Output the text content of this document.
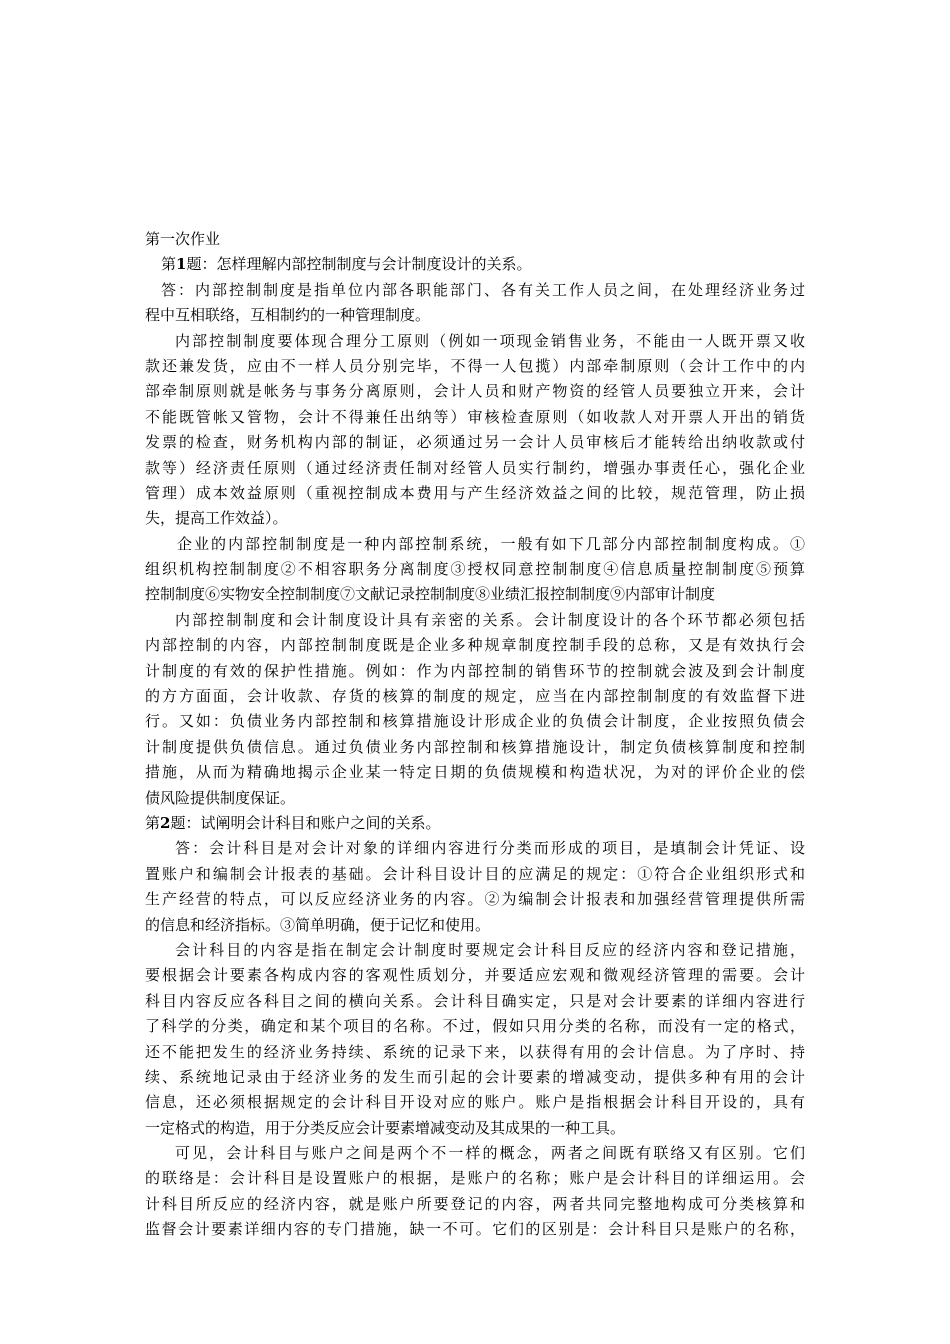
第一次作业
第1题：怎样理解内部控制制度与会计制度设计的关系。
答：内部控制制度是指单位内部各职能部门、各有关工作人员之间，在处理经济业务过
程中互相联络，互相制约的一种管理制度。
内部控制制度要体现合理分工原则（例如一项现金销售业务，不能由一人既开票又收
款还兼发货，应由不一样人员分别完毕，不得一人包揽）内部牵制原则（会计工作中的内
部牵制原则就是帐务与事务分离原则，会计人员和财产物资的经管人员要独立开来，会计
不能既管帐又管物，会计不得兼任出纳等）审核检查原则（如收款人对开票人开出的销货
发票的检查，财务机构内部的制证，必须通过另一会计人员审核后才能转给出纳收款或付
款等）经济责任原则（通过经济责任制对经管人员实行制约，增强办事责任心，强化企业
管理）成本效益原则（重视控制成本费用与产生经济效益之间的比较，规范管理，防止损
失，提高工作效益）。
企业的内部控制制度是一种内部控制系统，一般有如下几部分内部控制制度构成。①
组织机构控制制度②不相容职务分离制度③授权同意控制制度④信息质量控制制度⑤预算
控制制度⑥实物安全控制制度⑦文献记录控制制度⑧业绩汇报控制制度⑨内部审计制度
内部控制制度和会计制度设计具有亲密的关系。会计制度设计的各个环节都必须包括
内部控制的内容，内部控制制度既是企业多种规章制度控制手段的总称，又是有效执行会
计制度的有效的保护性措施。例如：作为内部控制的销售环节的控制就会波及到会计制度
的方方面面，会计收款、存货的核算的制度的规定，应当在内部控制制度的有效监督下进
行。又如：负债业务内部控制和核算措施设计形成企业的负债会计制度，企业按照负债会
计制度提供负债信息。通过负债业务内部控制和核算措施设计，制定负债核算制度和控制
措施，从而为精确地揭示企业某一特定日期的负债规模和构造状况，为对的评价企业的偿
债风险提供制度保证。
第2题：试阐明会计科目和账户之间的关系。
答：会计科目是对会计对象的详细内容进行分类而形成的项目，是填制会计凭证、设
置账户和编制会计报表的基础。会计科目设计目的应满足的规定：①符合企业组织形式和
生产经营的特点，可以反应经济业务的内容。②为编制会计报表和加强经营管理提供所需
的信息和经济指标。③简单明确，便于记忆和使用。
会计科目的内容是指在制定会计制度时要规定会计科目反应的经济内容和登记措施，
要根据会计要素各构成内容的客观性质划分，并要适应宏观和微观经济管理的需要。会计
科目内容反应各科目之间的横向关系。会计科目确实定，只是对会计要素的详细内容进行
了科学的分类，确定和某个项目的名称。不过，假如只用分类的名称，而没有一定的格式，
还不能把发生的经济业务持续、系统的记录下来，以获得有用的会计信息。为了序时、持
续、系统地记录由于经济业务的发生而引起的会计要素的增减变动，提供多种有用的会计
信息，还必须根据规定的会计科目开设对应的账户。账户是指根据会计科目开设的，具有
一定格式的构造，用于分类反应会计要素增减变动及其成果的一种工具。
可见，会计科目与账户之间是两个不一样的概念，两者之间既有联络又有区别。它们
的联络是：会计科目是设置账户的根据，是账户的名称；账户是会计科目的详细运用。会
计科目所反应的经济内容，就是账户所要登记的内容，两者共同完整地构成可分类核算和
监督会计要素详细内容的专门措施，缺一不可。它们的区别是：会计科目只是账户的名称，
